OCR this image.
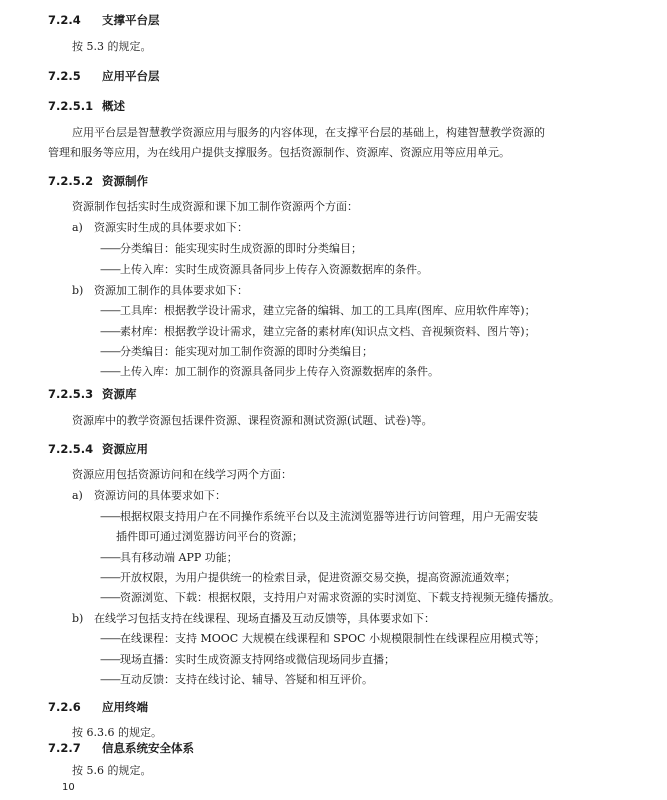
7.2.4 支撑平台层
按 5.3 的规定。
7.2.5 应用平台层
7.2.5.1 概述
应用平台层是智慧教学资源应用与服务的内容体现，在支撑平台层的基础上，构建智慧教学资源的
管理和服务等应用，为在线用户提供支撑服务。包括资源制作、资源库、资源应用等应用单元。
7.2.5.2 资源制作
资源制作包括实时生成资源和课下加工制作资源两个方面：
a) 资源实时生成的具体要求如下：
——分类编目：能实现实时生成资源的即时分类编目；
——上传入库：实时生成资源具备同步上传存入资源数据库的条件。
b) 资源加工制作的具体要求如下：
——工具库：根据教学设计需求，建立完备的编辑、加工的工具库(图库、应用软件库等)；
——素材库：根据教学设计需求，建立完备的素材库(知识点文档、音视频资料、图片等)；
——分类编目：能实现对加工制作资源的即时分类编目；
——上传入库：加工制作的资源具备同步上传存入资源数据库的条件。
7.2.5.3 资源库
资源库中的教学资源包括课件资源、课程资源和测试资源(试题、试卷)等。
7.2.5.4 资源应用
资源应用包括资源访问和在线学习两个方面：
a) 资源访问的具体要求如下：
——根据权限支持用户在不同操作系统平台以及主流浏览器等进行访问管理，用户无需安装
插件即可通过浏览器访问平台的资源；
——具有移动端 APP 功能；
——开放权限，为用户提供统一的检索目录，促进资源交易交换，提高资源流通效率；
——资源浏览、下载：根据权限，支持用户对需求资源的实时浏览、下载支持视频无缝传播放。
b) 在线学习包括支持在线课程、现场直播及互动反馈等，具体要求如下：
——在线课程：支持 MOOC 大规模在线课程和 SPOC 小规模限制性在线课程应用模式等；
——现场直播：实时生成资源支持网络或微信现场同步直播；
——互动反馈：支持在线讨论、辅导、答疑和相互评价。
7.2.6 应用终端
按 6.3.6 的规定。
7.2.7 信息系统安全体系
按 5.6 的规定。
10
